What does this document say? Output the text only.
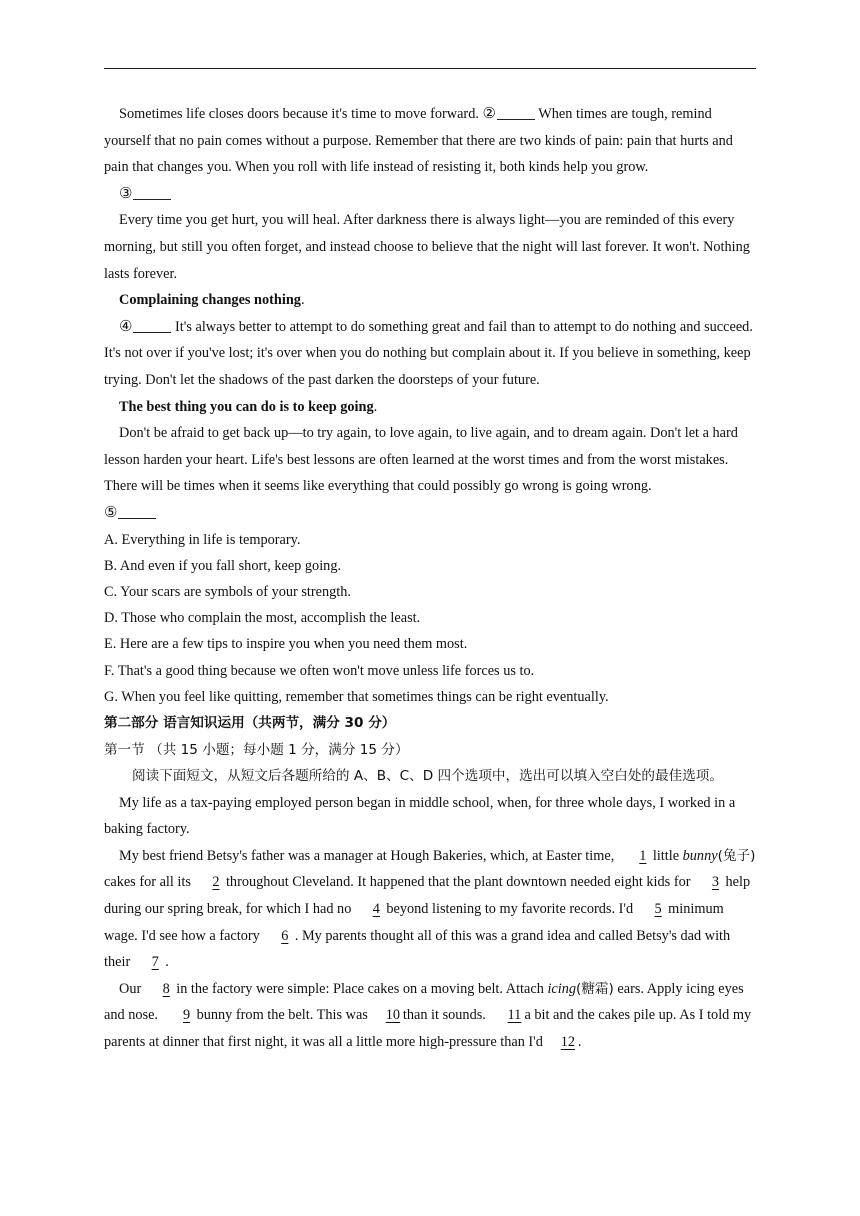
Sometimes life closes doors because it's time to move forward. ②	When times are tough, remind yourself that no pain comes without a purpose. Remember that there are two kinds of pain: pain that hurts and pain that changes you. When you roll with life instead of resisting it, both kinds help you grow.

③

Every time you get hurt, you will heal. After darkness there is always light—you are reminded of this every morning, but still you often forget, and instead choose to believe that the night will last forever. It won't. Nothing lasts forever.

Complaining changes nothing.

④	It's always better to attempt to do something great and fail than to attempt to do nothing and succeed. It's not over if you've lost; it's over when you do nothing but complain about it. If you believe in something, keep trying. Don't let the shadows of the past darken the doorsteps of your future.

The best thing you can do is to keep going.

Don't be afraid to get back up—to try again, to love again, to live again, and to dream again. Don't let a hard lesson harden your heart. Life's best lessons are often learned at the worst times and from the worst mistakes. There will be times when it seems like everything that could possibly go wrong is going wrong.

⑤

A. Everything in life is temporary.

B. And even if you fall short, keep going.

C. Your scars are symbols of your strength.

D. Those who complain the most, accomplish the least.

E. Here are a few tips to inspire you when you need them most.

F. That's a good thing because we often won't move unless life forces us to.

G. When you feel like quitting, remember that sometimes things can be right eventually.

第二部分 语言知识运用（共两节，满分 30 分）

第一节 （共 15 小题；每小题 1 分，满分 15 分）

阅读下面短文，从短文后各题所给的 A、B、C、D 四个选项中，选出可以填入空白处的最佳选项。

My life as a tax-paying employed person began in middle school, when, for three whole days, I worked in a baking factory.

My best friend Betsy's father was a manager at Hough Bakeries, which, at Easter time, 1 little bunny(兔子) cakes for all its 2 throughout Cleveland. It happened that the plant downtown needed eight kids for 3 help during our spring break, for which I had no 4 beyond listening to my favorite records. I'd 5 minimum wage. I'd see how a factory 6 . My parents thought all of this was a grand idea and called Betsy's dad with their 7 .

Our 8 in the factory were simple: Place cakes on a moving belt. Attach icing(糖霜) ears. Apply icing eyes and nose. 9 bunny from the belt. This was 10 than it sounds. 11 a bit and the cakes pile up. As I told my parents at dinner that first night, it was all a little more high-pressure than I'd 12 .
